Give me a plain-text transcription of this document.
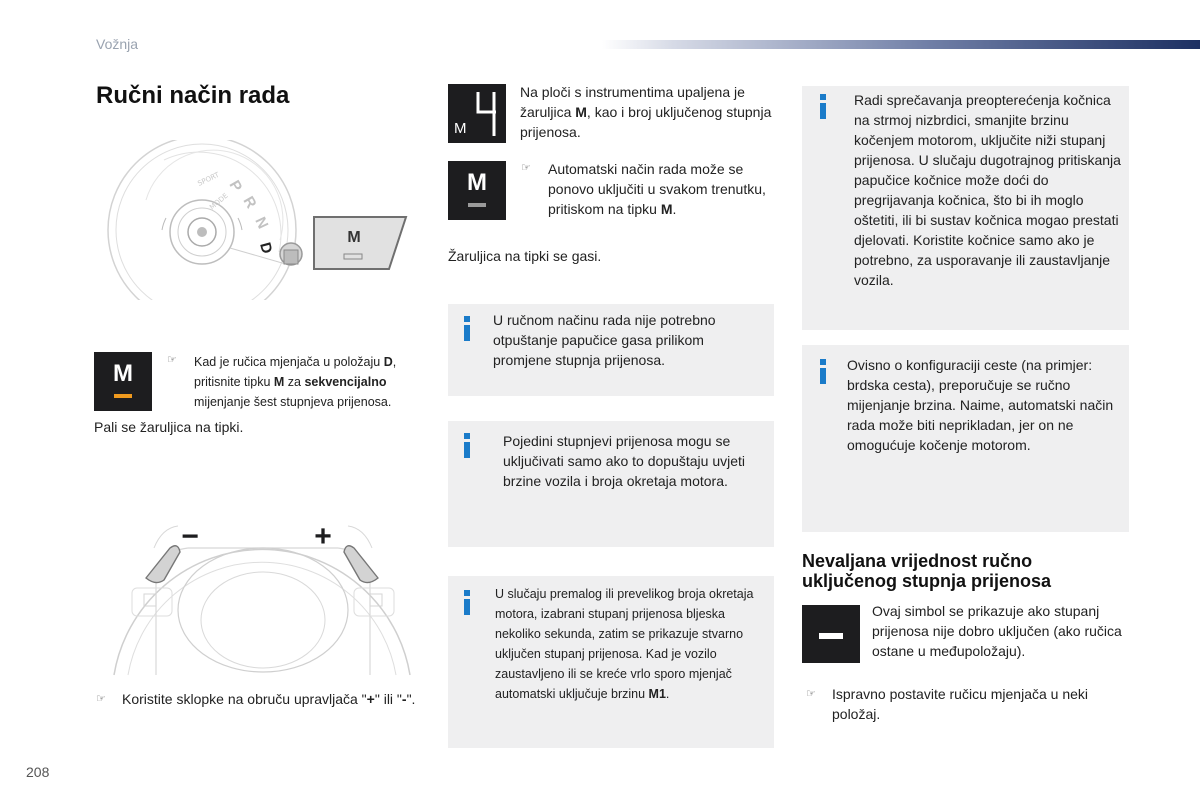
Vožnja
Ručni način rada
SPORT
MODE
P
R
N
D
M
M	☞ Kad je ručica mjenjača u položaju D, pritisnite tipku M za sekvencijalno mijenjanje šest stupnjeva prijenosa.
Pali se žaruljica na tipki.
−	+
☞ Koristite sklopke na obruču upravljača "+" ili "-".
M
Na ploči s instrumentima upaljena je žaruljica M, kao i broj uključenog stupnja prijenosa.
M
☞ Automatski način rada može se ponovo uključiti u svakom trenutku, pritiskom na tipku M.
Žaruljica na tipki se gasi.
U ručnom načinu rada nije potrebno otpuštanje papučice gasa prilikom promjene stupnja prijenosa.
Pojedini stupnjevi prijenosa mogu se uključivati samo ako to dopuštaju uvjeti brzine vozila i broja okretaja motora.
U slučaju premalog ili prevelikog broja okretaja motora, izabrani stupanj prijenosa bljeska nekoliko sekunda, zatim se prikazuje stvarno uključen stupanj prijenosa. Kad je vozilo zaustavljeno ili se kreće vrlo sporo mjenjač automatski uključuje brzinu M1.
Radi sprečavanja preopterećenja kočnica na strmoj nizbrdici, smanjite brzinu kočenjem motorom, uključite niži stupanj prijenosa. U slučaju dugotrajnog pritiskanja papučice kočnice može doći do pregrijavanja kočnica, što bi ih moglo oštetiti, ili bi sustav kočnica mogao prestati djelovati. Koristite kočnice samo ako je potrebno, za usporavanje ili zaustavljanje vozila.
Ovisno o konfiguraciji ceste (na primjer: brdska cesta), preporučuje se ručno mijenjanje brzina. Naime, automatski način rada može biti neprikladan, jer on ne omogućuje kočenje motorom.
Nevaljana vrijednost ručno uključenog stupnja prijenosa
Ovaj simbol se prikazuje ako stupanj prijenosa nije dobro uključen (ako ručica ostane u međupoložaju).
☞ Ispravno postavite ručicu mjenjača u neki položaj.
208
